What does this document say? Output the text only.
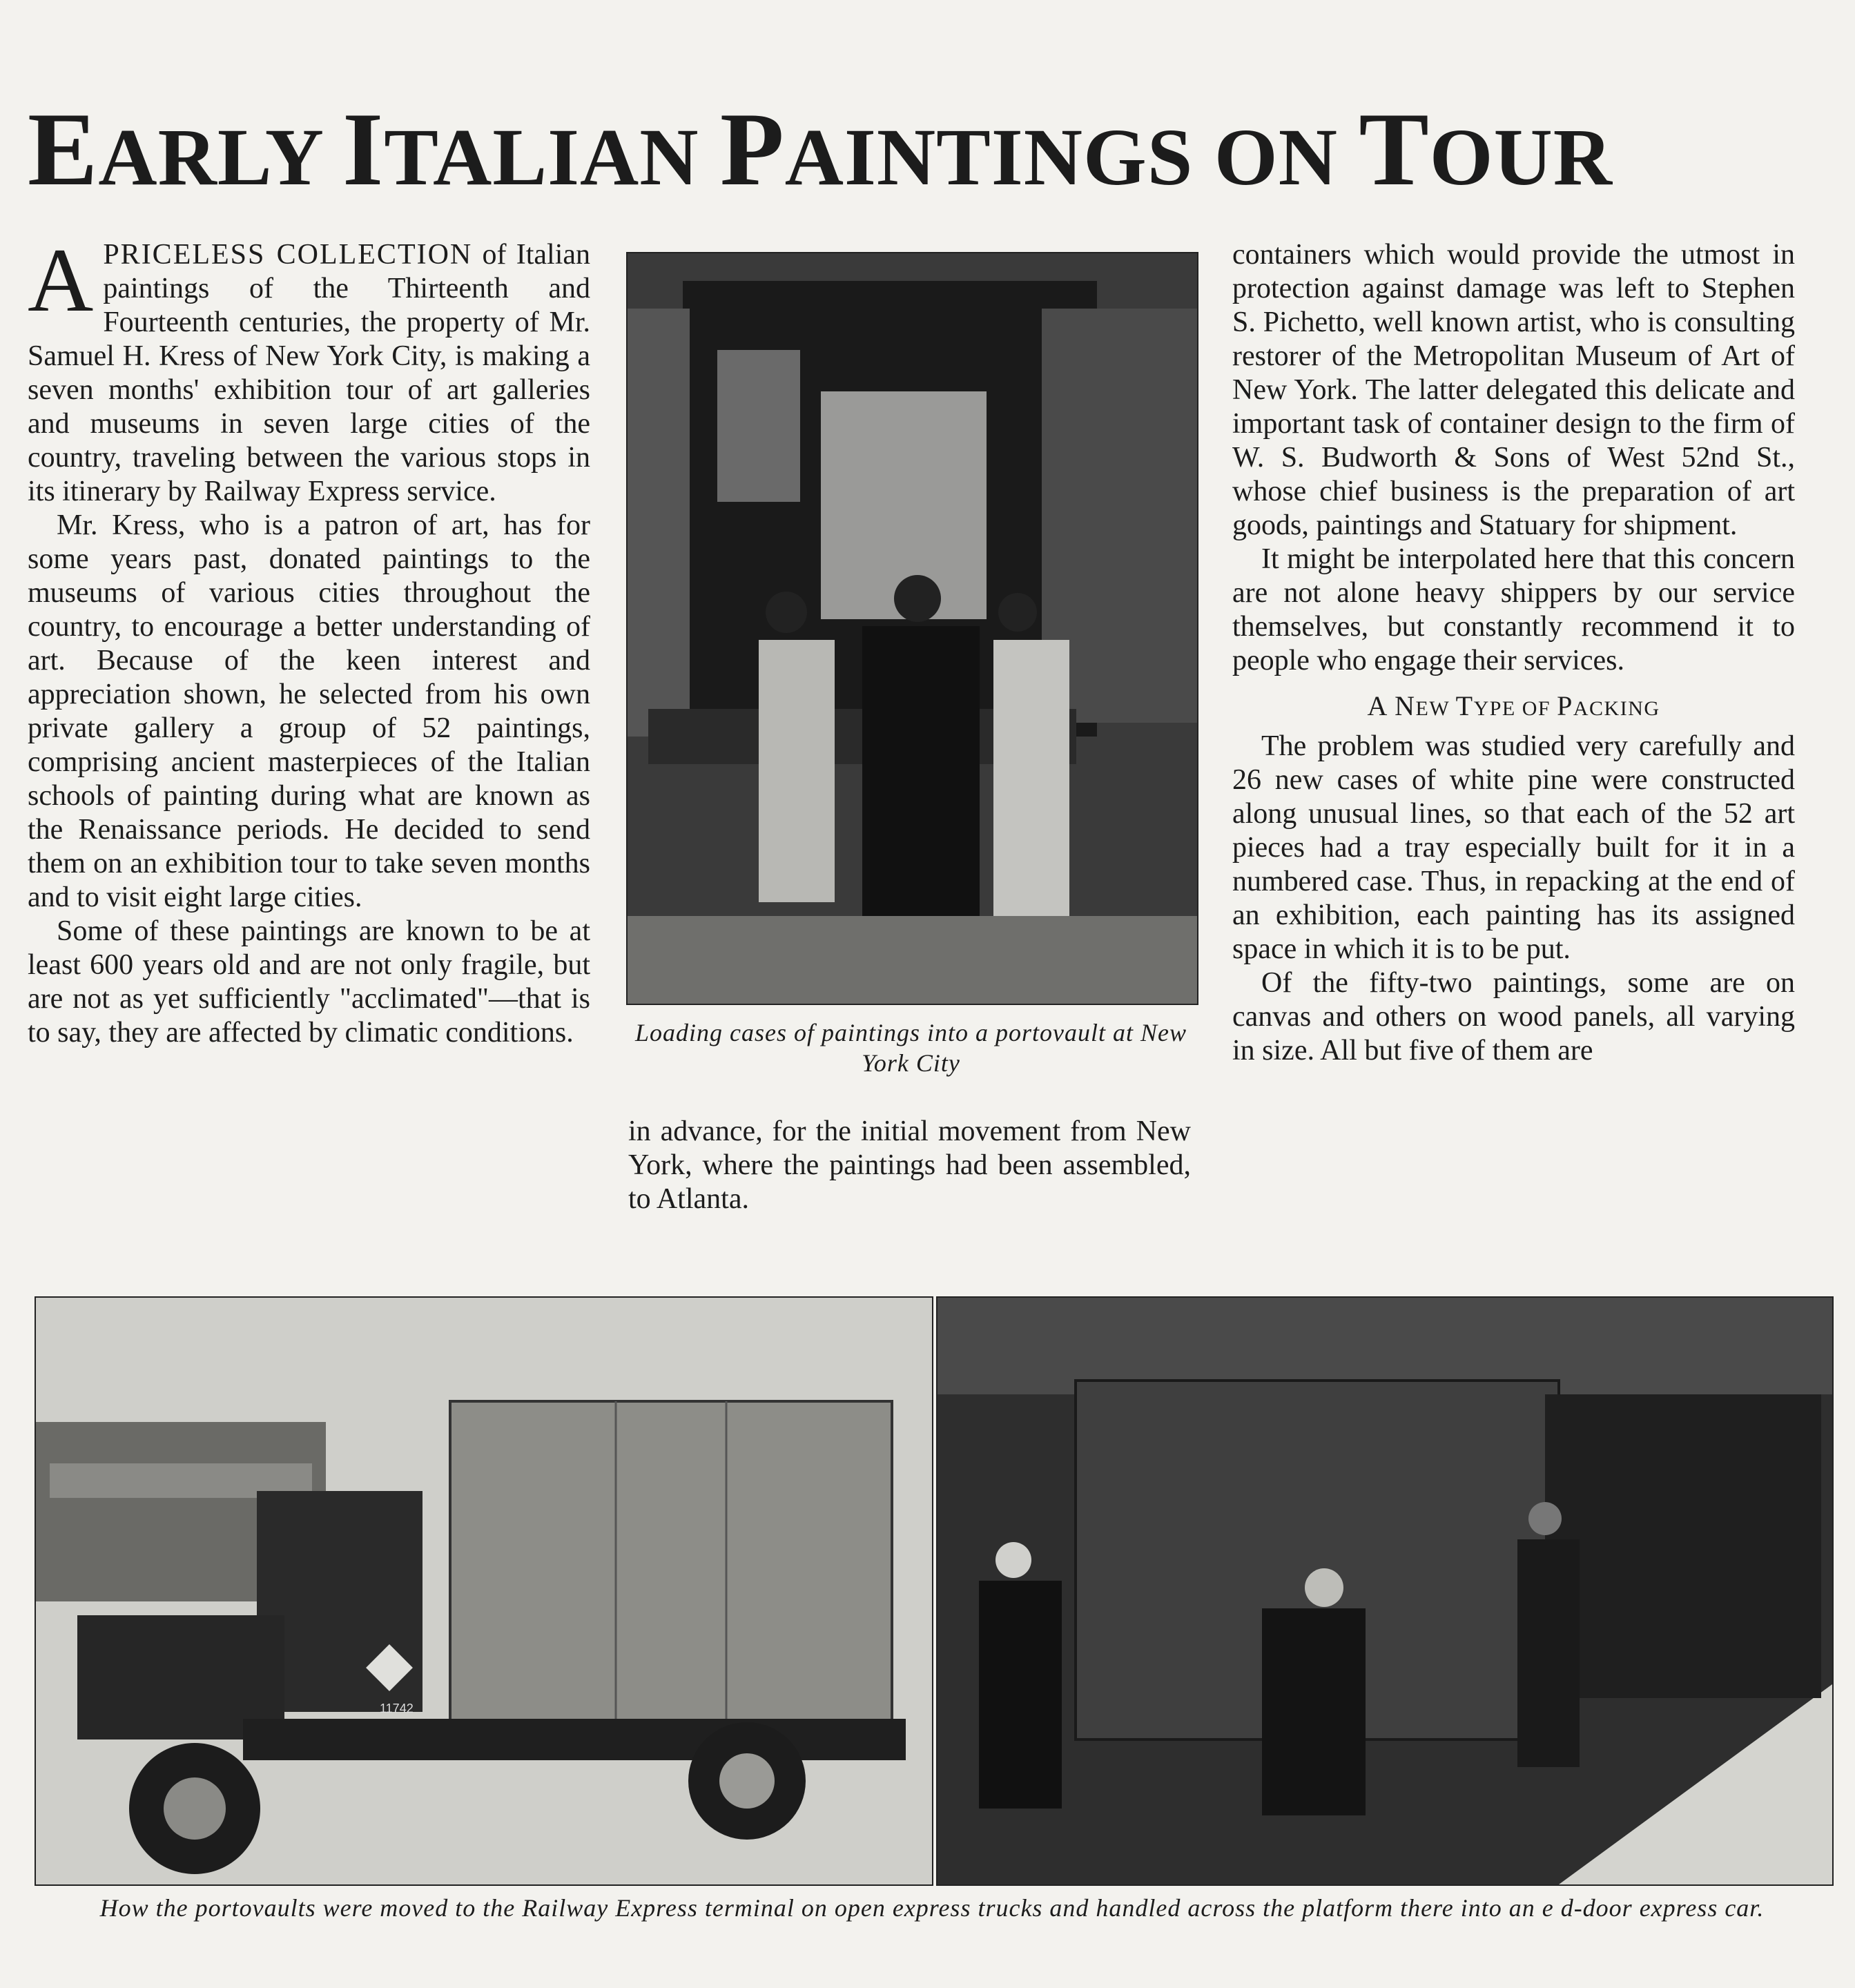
EARLY ITALIAN PAINTINGS ON TOUR

APRICELESS COLLECTION of Italian paintings of the Thirteenth and Fourteenth centuries, the property of Mr. Samuel H. Kress of New York City, is making a seven months' exhibition tour of art galleries and museums in seven large cities of the country, traveling between the various stops in its itinerary by Railway Express service.

Mr. Kress, who is a patron of art, has for some years past, donated paintings to the museums of various cities throughout the country, to encourage a better understanding of art. Because of the keen interest and appreciation shown, he selected from his own private gallery a group of 52 paintings, comprising ancient masterpieces of the Italian schools of painting during what are known as the Renaissance periods. He decided to send them on an exhibition tour to take seven months and to visit eight large cities.

Some of these paintings are known to be at least 600 years old and are not only fragile, but are not as yet sufficiently "acclimated"—that is to say, they are affected by climatic conditions.	Loading cases of paintings into a portovault at New York City

in advance, for the initial movement from New York, where the paintings had been assembled, to Atlanta.

containers which would provide the utmost in protection against damage was left to Stephen S. Pichetto, well known artist, who is consulting restorer of the Metropolitan Museum of Art of New York. The latter delegated this delicate and important task of container design to the firm of W. S. Budworth & Sons of West 52nd St., whose chief business is the preparation of art goods, paintings and Statuary for shipment.

It might be interpolated here that this concern are not alone heavy shippers by our service themselves, but constantly recommend it to people who engage their services.

A NEW TYPE OF PACKING

The problem was studied very carefully and 26 new cases of white pine were constructed along unusual lines, so that each of the 52 art pieces had a tray especially built for it in a numbered case. Thus, in repacking at the end of an exhibition, each painting has its assigned space in which it is to be put.

Of the fifty-two paintings, some are on canvas and others on wood panels, all varying in size. All but five of them are

11742
How the portovaults were moved to the Railway Express terminal on open express trucks and handled across the platform there into an e d-door express car.
